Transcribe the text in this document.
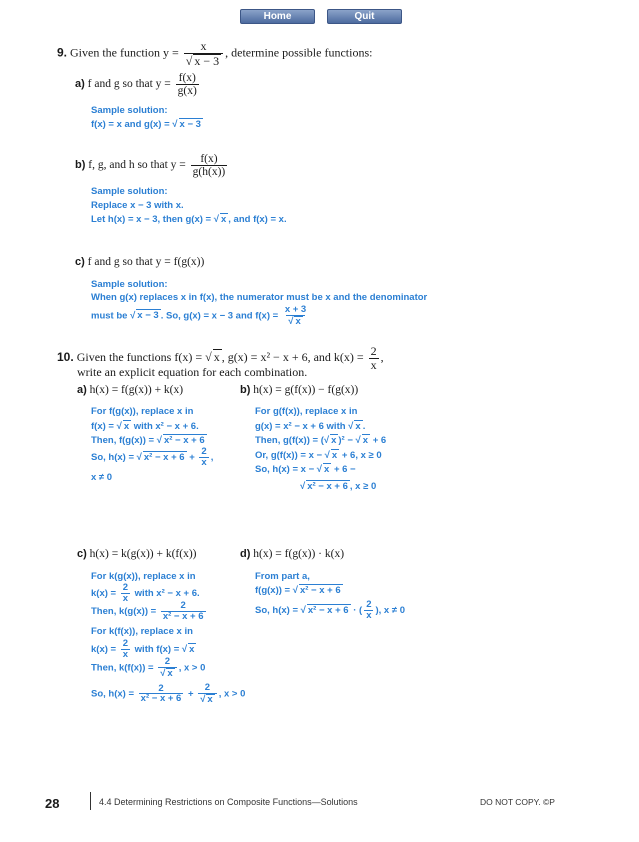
Home	Quit
9. Given the function $y = \frac{x}{√ x - 3}$ , determine possible functions:
a) f and g so that $y = \frac{f(x)}{g(x)}$
Sample solution:
f(x) = x and g(x) = √ x − 3
b) f, g, and h so that $y = \frac{f(x)}{g(h(x))}$
Sample solution:
Replace x − 3 with x.
Let h(x) = x − 3, then g(x) = √ x , and f(x) = x.
c) f and g so that y = f(g(x))
Sample solution:
When g(x) replaces x in f(x), the numerator must be x and the denominator
must be √ x − 3 . So, g(x) = x − 3 and $f(x) = \frac{x + 3}{√ x}$
10. Given the functions f(x) = √ x , g(x) = x² − x + 6, and $k(x) = \frac{2}{x}$ ,
write an explicit equation for each combination.
a) h(x) = f(g(x)) + k(x)
For f(g(x)), replace x in
f(x) = √ x with x² − x + 6.
Then, f(g(x)) = √ x² − x + 6
So, h(x) = √ $x^2 - x + 6 + \frac{2}{x}$ ,
x ≠ 0
b) h(x) = g(f(x)) − f(g(x))
For g(f(x)), replace x in
g(x) = x² − x + 6 with √ x .
Then, g(f(x)) = (√ x )² − √ x + 6
Or, g(f(x)) = x − √ x + 6, x ≥ 0
So, h(x) = x − √ x + 6 −
√ x² − x + 6 , x ≥ 0
c) h(x) = k(g(x)) + k(f(x))
For k(g(x)), replace x in
$k(x) = \frac{2}{x}$ with x² − x + 6.
Then, $k(g(x)) = \frac{2}{\text{x² − x + 6}}$
For k(f(x)), replace x in
$k(x) = \frac{2}{x}$ with f(x) = √ x
Then, $k(f(x)) = \frac{2}{√ x}$ , x > 0
So, $h(x) = \frac{2}{\text{x² − x + 6}} + \frac{2}{√ x}$ , x > 0
d) h(x) = f(g(x)) · k(x)
From part a,
f(g(x)) = √ x² − x + 6
So, h(x) = √ x² − x + 6 · ( $\frac{2}{x}$ ), x ≠ 0
28	4.4 Determining Restrictions on Composite Functions—Solutions	DO NOT COPY. ©P
